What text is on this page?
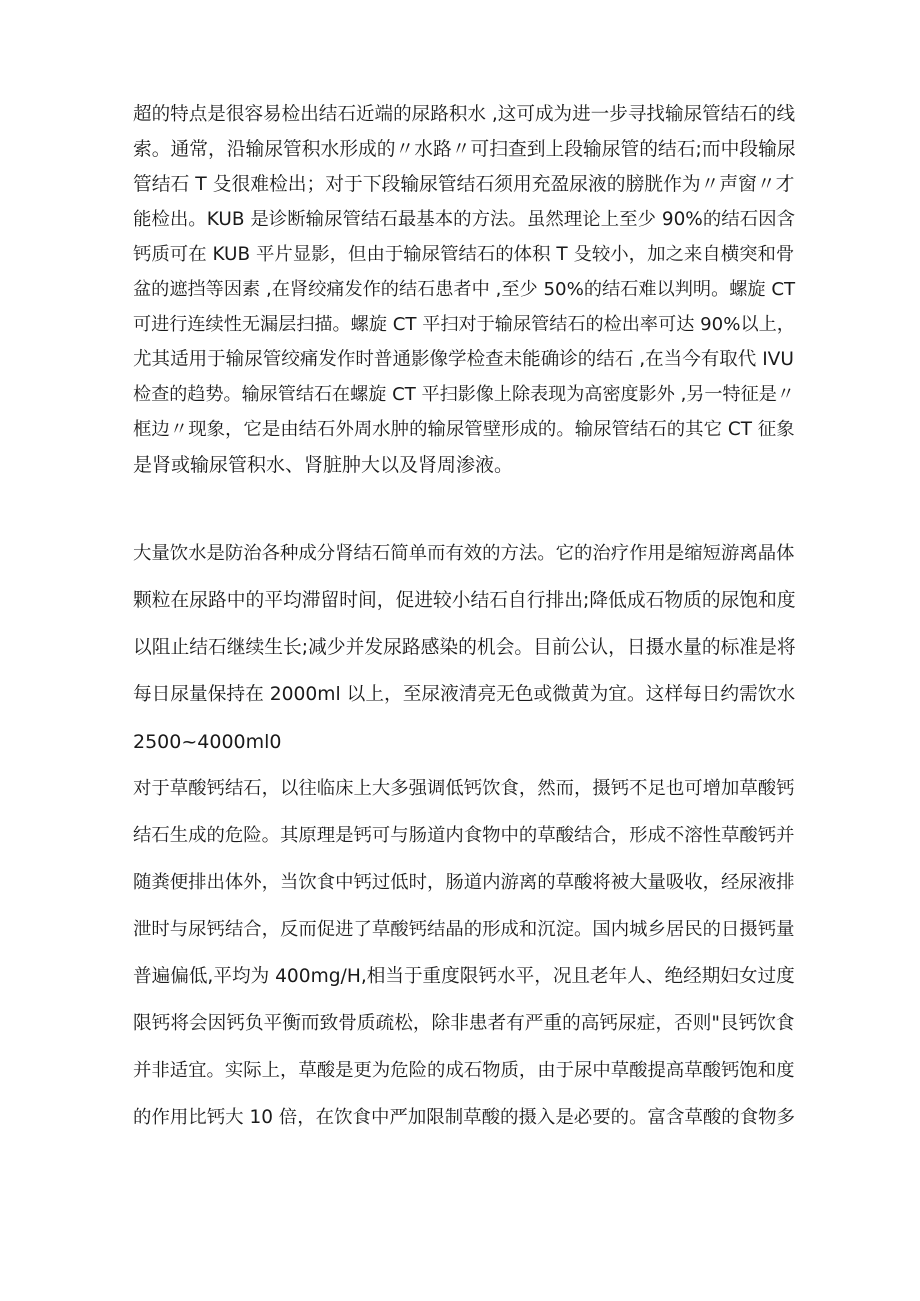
超的特点是很容易检出结石近端的尿路积水 ,这可成为进一步寻找输尿管结石的线
索。通常，沿输尿管积水形成的〃水路〃可扫查到上段输尿管的结石;而中段输尿
管结石 T 殳很难检出；对于下段输尿管结石须用充盈尿液的膀胱作为〃声窗〃才
能检出。KUB 是诊断输尿管结石最基本的方法。虽然理论上至少 90%的结石因含
钙质可在 KUB 平片显影，但由于输尿管结石的体积 T 殳较小，加之来自横突和骨
盆的遮挡等因素 ,在肾绞痛发作的结石患者中 ,至少 50%的结石难以判明。螺旋 CT
可进行连续性无漏层扫描。螺旋 CT 平扫对于输尿管结石的检出率可达 90%以上，
尤其适用于输尿管绞痛发作时普通影像学检查未能确诊的结石 ,在当今有取代 IVU
检查的趋势。输尿管结石在螺旋 CT 平扫影像上除表现为高密度影外 ,另一特征是〃
框边〃现象，它是由结石外周水肿的输尿管壁形成的。输尿管结石的其它 CT 征象
是肾或输尿管积水、肾脏肿大以及肾周渗液。
大量饮水是防治各种成分肾结石简单而有效的方法。它的治疗作用是缩短游离晶体
颗粒在尿路中的平均滞留时间，促进较小结石自行排出;降低成石物质的尿饱和度
以阻止结石继续生长;减少并发尿路感染的机会。目前公认，日摄水量的标准是将
每日尿量保持在 2000ml 以上，至尿液清亮无色或微黄为宜。这样每日约需饮水
2500~4000ml0
对于草酸钙结石，以往临床上大多强调低钙饮食，然而，摄钙不足也可增加草酸钙
结石生成的危险。其原理是钙可与肠道内食物中的草酸结合，形成不溶性草酸钙并
随粪便排出体外，当饮食中钙过低时，肠道内游离的草酸将被大量吸收，经尿液排
泄时与尿钙结合，反而促进了草酸钙结晶的形成和沉淀。国内城乡居民的日摄钙量
普遍偏低,平均为 400mg/H,相当于重度限钙水平，况且老年人、绝经期妇女过度
限钙将会因钙负平衡而致骨质疏松，除非患者有严重的高钙尿症，否则"艮钙饮食
并非适宜。实际上，草酸是更为危险的成石物质，由于尿中草酸提高草酸钙饱和度
的作用比钙大 10 倍，在饮食中严加限制草酸的摄入是必要的。富含草酸的食物多
